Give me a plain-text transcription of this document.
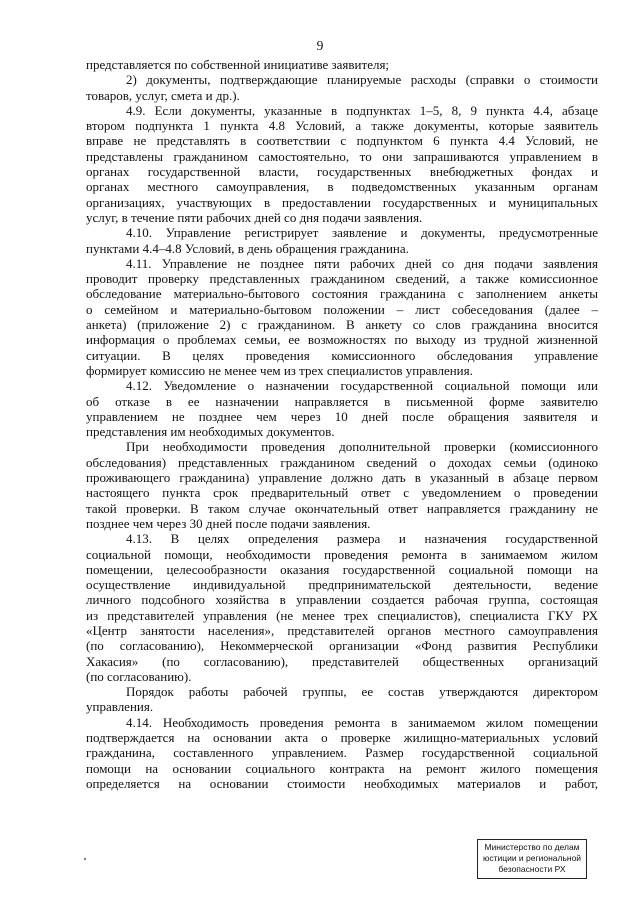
9
представляется по собственной инициативе заявителя;
2) документы, подтверждающие планируемые расходы (справки о стоимости
товаров, услуг, смета и др.).
4.9. Если документы, указанные в подпунктах 1–5, 8, 9 пункта 4.4, абзаце
втором подпункта 1 пункта 4.8 Условий, а также документы, которые заявитель
вправе не представлять в соответствии с подпунктом 6 пункта 4.4 Условий, не
представлены гражданином самостоятельно, то они запрашиваются управлением в
органах государственной власти, государственных внебюджетных фондах и
органах местного самоуправления, в подведомственных указанным органам
организациях, участвующих в предоставлении государственных и муниципальных
услуг, в течение пяти рабочих дней со дня подачи заявления.
4.10. Управление регистрирует заявление и документы, предусмотренные
пунктами 4.4–4.8 Условий, в день обращения гражданина.
4.11. Управление не позднее пяти рабочих дней со дня подачи заявления
проводит проверку представленных гражданином сведений, а также комиссионное
обследование материально-бытового состояния гражданина с заполнением анкеты
о семейном и материально-бытовом положении – лист собеседования (далее –
анкета) (приложение 2) с гражданином. В анкету со слов гражданина вносится
информация о проблемах семьи, ее возможностях по выходу из трудной жизненной
ситуации. В целях проведения комиссионного обследования управление
формирует комиссию не менее чем из трех специалистов управления.
4.12. Уведомление о назначении государственной социальной помощи или
об отказе в ее назначении направляется в письменной форме заявителю
управлением не позднее чем через 10 дней после обращения заявителя и
представления им необходимых документов.
При необходимости проведения дополнительной проверки (комиссионного
обследования) представленных гражданином сведений о доходах семьи (одиноко
проживающего гражданина) управление должно дать в указанный в абзаце первом
настоящего пункта срок предварительный ответ с уведомлением о проведении
такой проверки. В таком случае окончательный ответ направляется гражданину не
позднее чем через 30 дней после подачи заявления.
4.13. В целях определения размера и назначения государственной
социальной помощи, необходимости проведения ремонта в занимаемом жилом
помещении, целесообразности оказания государственной социальной помощи на
осуществление индивидуальной предпринимательской деятельности, ведение
личного подсобного хозяйства в управлении создается рабочая группа, состоящая
из представителей управления (не менее трех специалистов), специалиста ГКУ РХ
«Центр занятости населения», представителей органов местного самоуправления
(по согласованию), Некоммерческой организации «Фонд развития Республики
Хакасия» (по согласованию), представителей общественных организаций
(по согласованию).
Порядок работы рабочей группы, ее состав утверждаются директором
управления.
4.14. Необходимость проведения ремонта в занимаемом жилом помещении
подтверждается на основании акта о проверке жилищно-материальных условий
гражданина, составленного управлением. Размер государственной социальной
помощи на основании социального контракта на ремонт жилого помещения
определяется на основании стоимости необходимых материалов и работ,
Министерство по делам
юстиции и региональной
безопасности РХ
